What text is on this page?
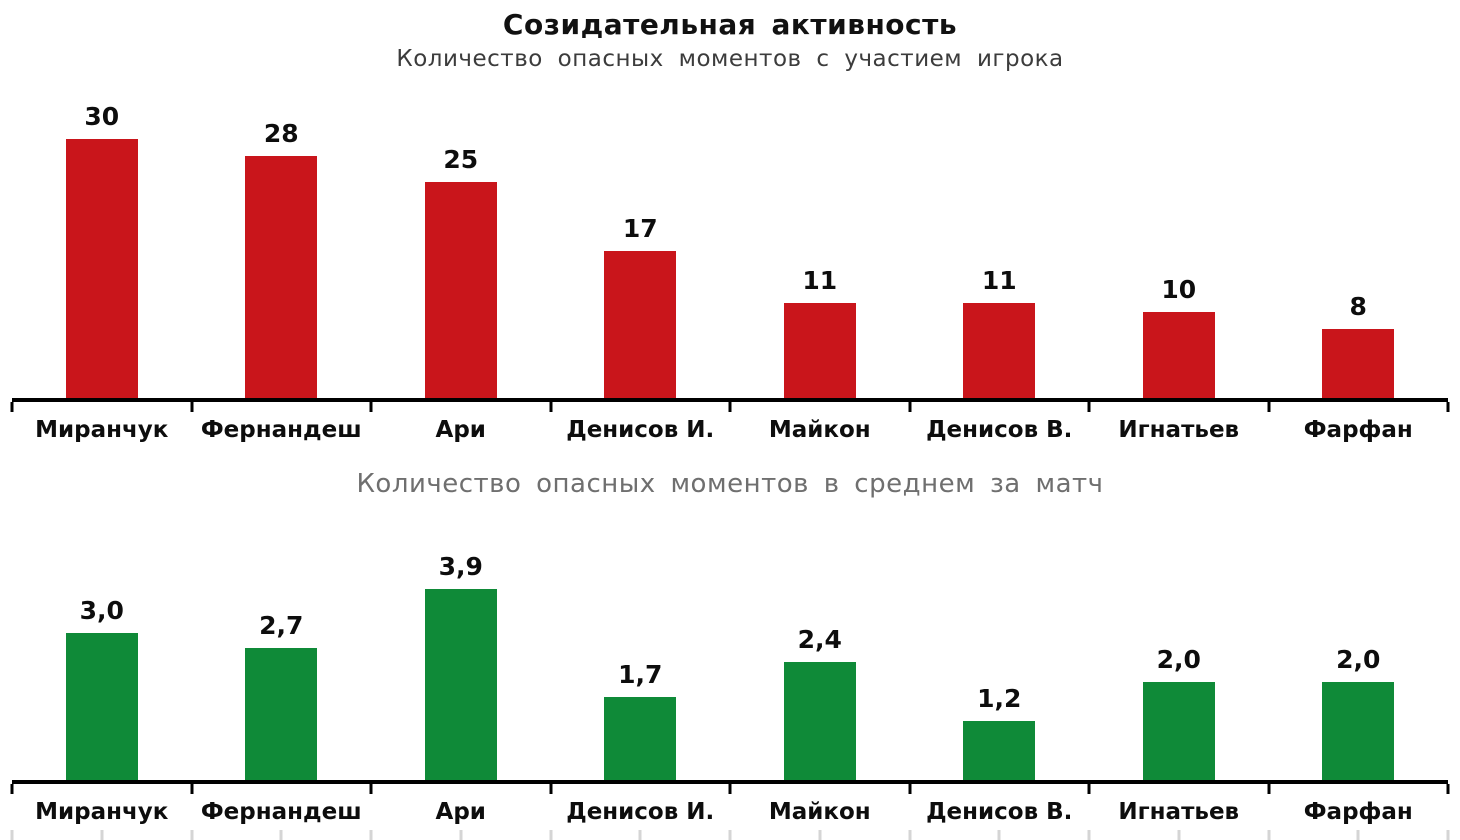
Созидательная активность
Количество опасных моментов с участием игрока
30
28
25
17
11	11	10
8
Миранчук	Фернандеш	Ари	Денисов И.	Майкон	Денисов В.	Игнатьев	Фарфан
Количество опасных моментов в среднем за матч
3,0
2,7
3,9
1,7
2,4
1,2
2,0	2,0
Миранчук	Фернандеш	Ари	Денисов И.	Майкон	Денисов В.	Игнатьев	Фарфан
